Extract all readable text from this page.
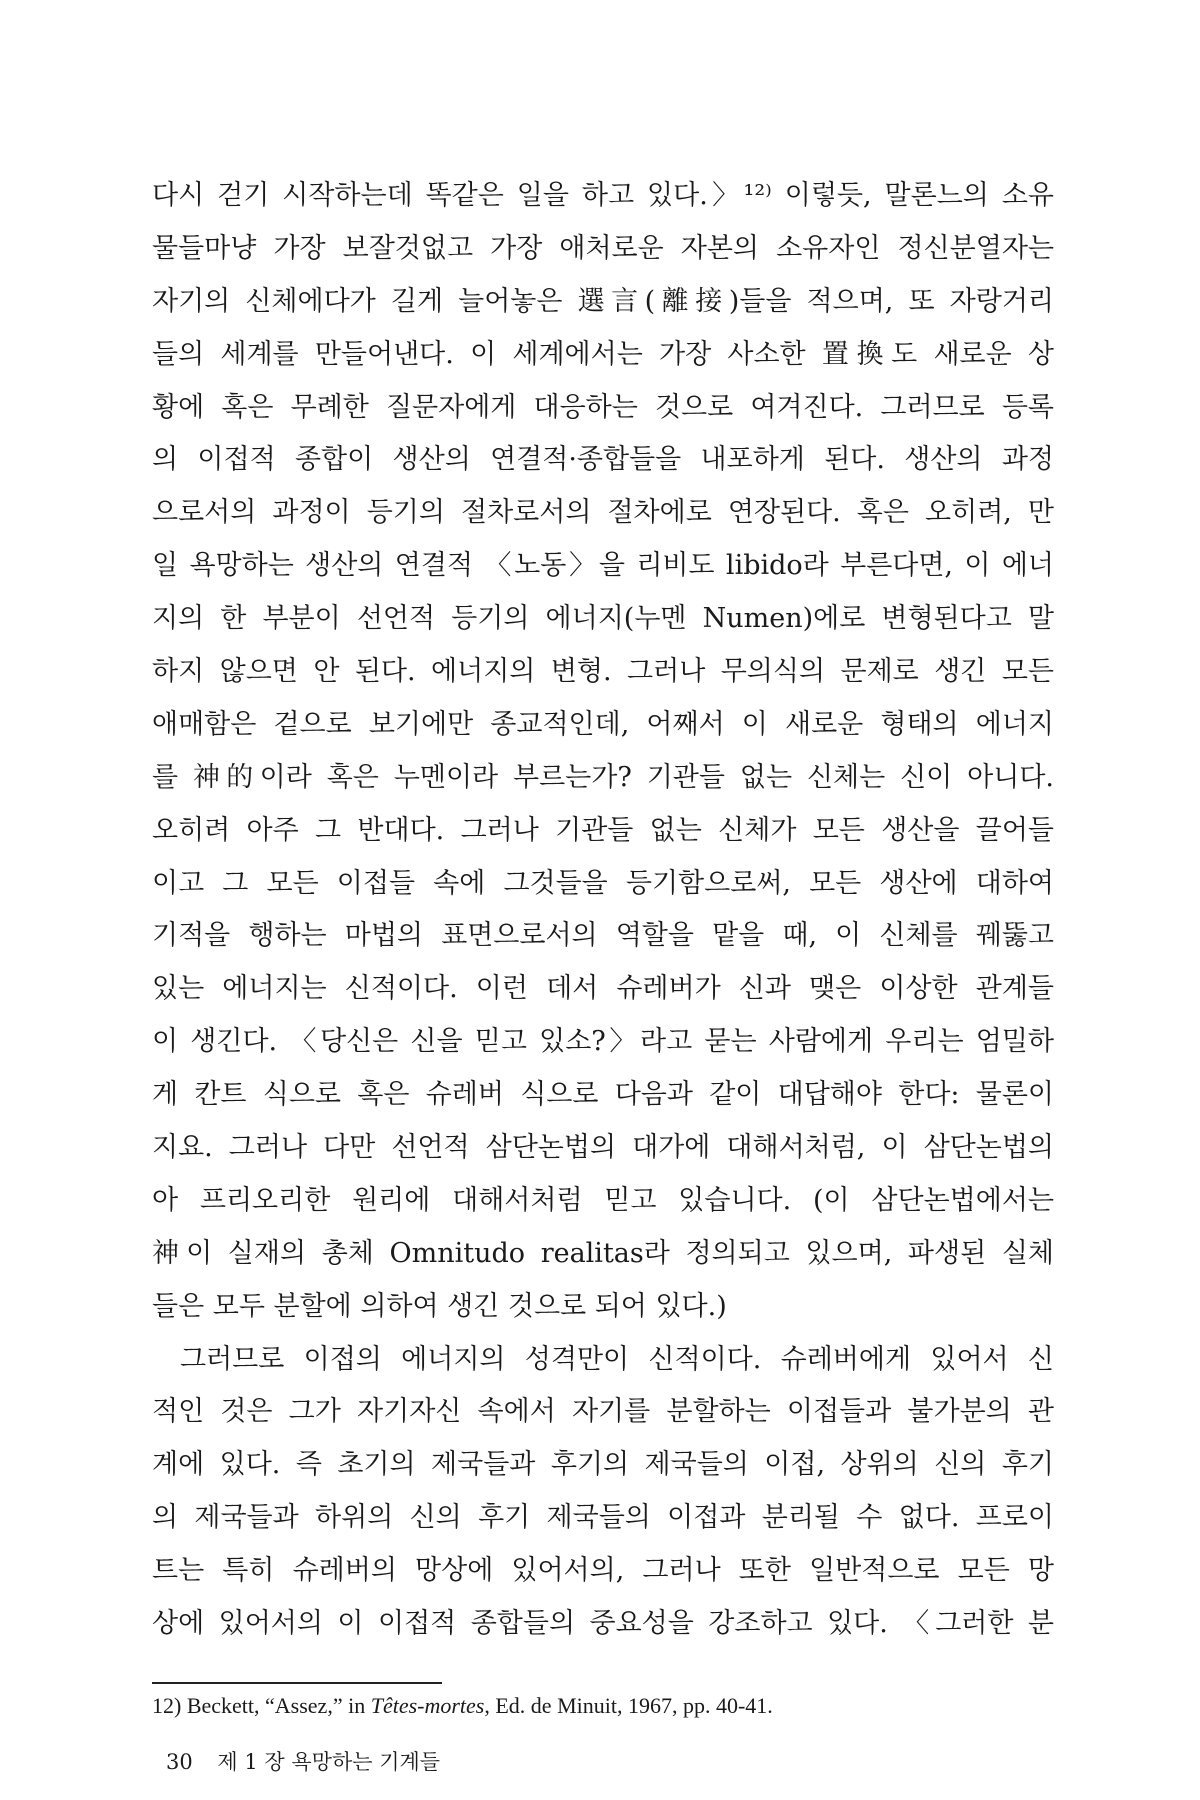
다시 걷기 시작하는데 똑같은 일을 하고 있다.〉¹²⁾ 이렇듯, 말론느의 소유
물들마냥 가장 보잘것없고 가장 애처로운 자본의 소유자인 정신분열자는
자기의 신체에다가 길게 늘어놓은 選言(離接)들을 적으며, 또 자랑거리
들의 세계를 만들어낸다. 이 세계에서는 가장 사소한 置換도 새로운 상
황에 혹은 무례한 질문자에게 대응하는 것으로 여겨진다. 그러므로 등록
의 이접적 종합이 생산의 연결적·종합들을 내포하게 된다. 생산의 과정
으로서의 과정이 등기의 절차로서의 절차에로 연장된다. 혹은 오히려, 만
일 욕망하는 생산의 연결적 〈노동〉을 리비도 libido라 부른다면, 이 에너
지의 한 부분이 선언적 등기의 에너지(누멘 Numen)에로 변형된다고 말
하지 않으면 안 된다. 에너지의 변형. 그러나 무의식의 문제로 생긴 모든
애매함은 겉으로 보기에만 종교적인데, 어째서 이 새로운 형태의 에너지
를 神的이라 혹은 누멘이라 부르는가? 기관들 없는 신체는 신이 아니다.
오히려 아주 그 반대다. 그러나 기관들 없는 신체가 모든 생산을 끌어들
이고 그 모든 이접들 속에 그것들을 등기함으로써, 모든 생산에 대하여
기적을 행하는 마법의 표면으로서의 역할을 맡을 때, 이 신체를 꿰뚫고
있는 에너지는 신적이다. 이런 데서 슈레버가 신과 맺은 이상한 관계들
이 생긴다. 〈당신은 신을 믿고 있소?〉라고 묻는 사람에게 우리는 엄밀하
게 칸트 식으로 혹은 슈레버 식으로 다음과 같이 대답해야 한다: 물론이
지요. 그러나 다만 선언적 삼단논법의 대가에 대해서처럼, 이 삼단논법의
아 프리오리한 원리에 대해서처럼 믿고 있습니다. (이 삼단논법에서는
神이 실재의 총체 Omnitudo realitas라 정의되고 있으며, 파생된 실체
들은 모두 분할에 의하여 생긴 것으로 되어 있다.)
그러므로 이접의 에너지의 성격만이 신적이다. 슈레버에게 있어서 신
적인 것은 그가 자기자신 속에서 자기를 분할하는 이접들과 불가분의 관
계에 있다. 즉 초기의 제국들과 후기의 제국들의 이접, 상위의 신의 후기
의 제국들과 하위의 신의 후기 제국들의 이접과 분리될 수 없다. 프로이
트는 특히 슈레버의 망상에 있어서의, 그러나 또한 일반적으로 모든 망
상에 있어서의 이 이접적 종합들의 중요성을 강조하고 있다. 〈그러한 분
12) Beckett, “Assez,” in Têtes-mortes, Ed. de Minuit, 1967, pp. 40-41.
30 제 1 장 욕망하는 기계들
